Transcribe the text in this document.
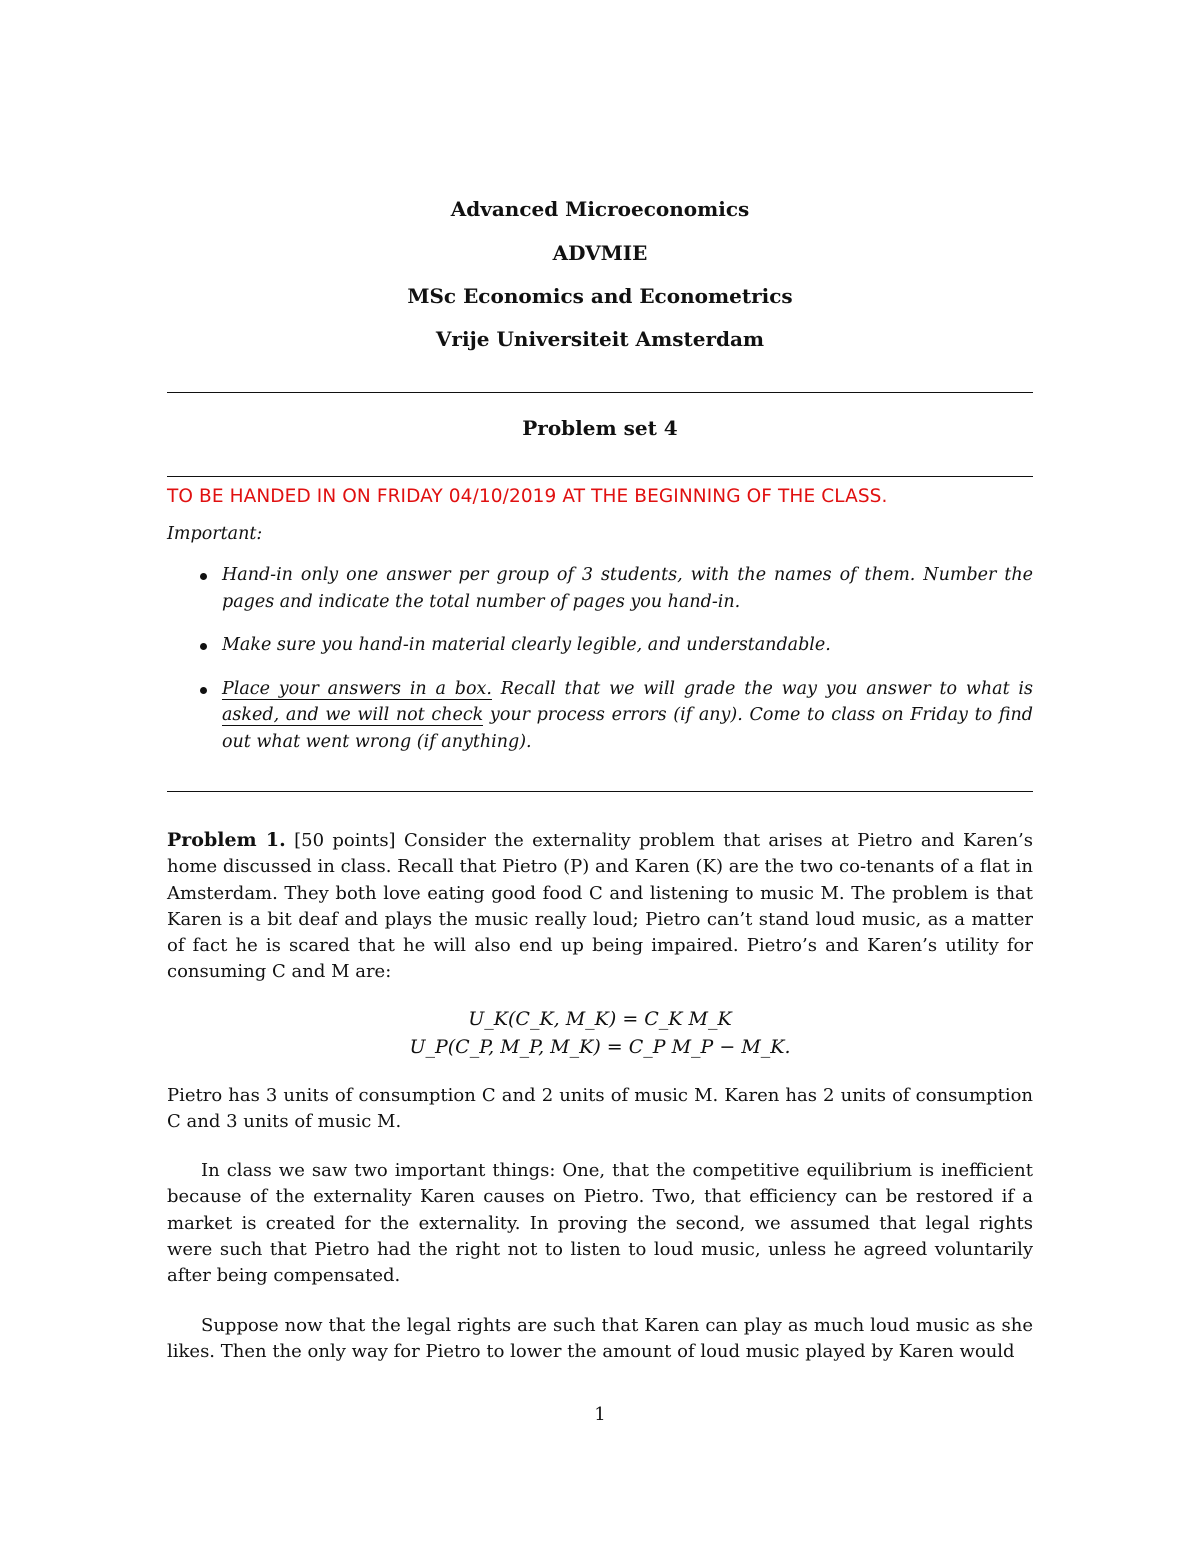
Advanced Microeconomics
ADVMIE
MSc Economics and Econometrics
Vrije Universiteit Amsterdam
Problem set 4
TO BE HANDED IN ON FRIDAY 04/10/2019 AT THE BEGINNING OF THE CLASS.
Important:
Hand-in only one answer per group of 3 students, with the names of them. Number the pages and indicate the total number of pages you hand-in.
Make sure you hand-in material clearly legible, and understandable.
Place your answers in a box. Recall that we will grade the way you answer to what is asked, and we will not check your process errors (if any). Come to class on Friday to find out what went wrong (if anything).

Problem 1. [50 points] Consider the externality problem that arises at Pietro and Karen’s home discussed in class. Recall that Pietro (P) and Karen (K) are the two co-tenants of a flat in Amsterdam. They both love eating good food C and listening to music M. The problem is that Karen is a bit deaf and plays the music really loud; Pietro can’t stand loud music, as a matter of fact he is scared that he will also end up being impaired. Pietro’s and Karen’s utility for consuming C and M are:

U_K(C_K, M_K) = C_K M_K
U_P(C_P, M_P, M_K) = C_P M_P − M_K.

Pietro has 3 units of consumption C and 2 units of music M. Karen has 2 units of consumption C and 3 units of music M.

In class we saw two important things: One, that the competitive equilibrium is inefficient because of the externality Karen causes on Pietro. Two, that efficiency can be restored if a market is created for the externality. In proving the second, we assumed that legal rights were such that Pietro had the right not to listen to loud music, unless he agreed voluntarily after being compensated.

Suppose now that the legal rights are such that Karen can play as much loud music as she likes. Then the only way for Pietro to lower the amount of loud music played by Karen would

1
